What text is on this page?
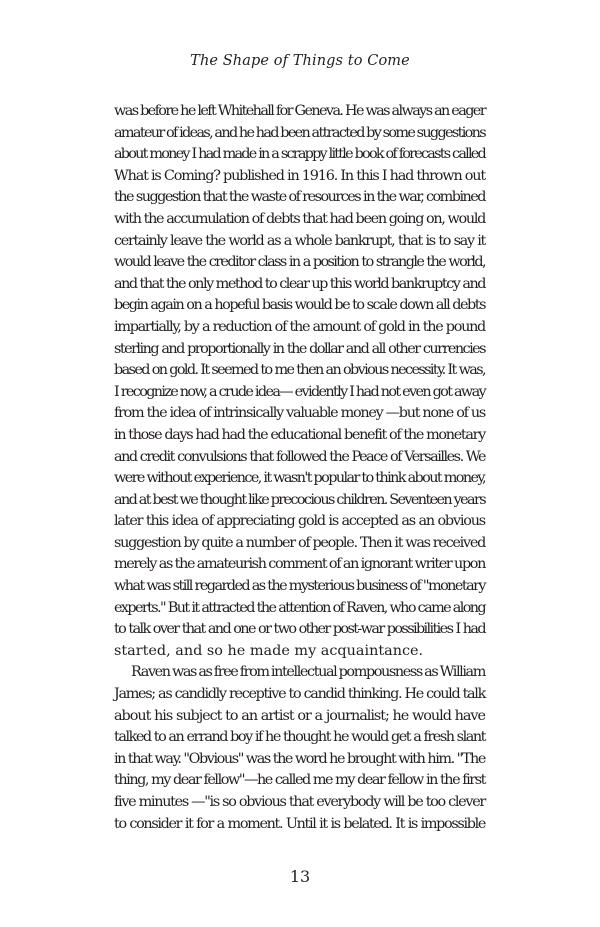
The Shape of Things to Come
was before he left Whitehall for Geneva. He was always an eager
amateur of ideas, and he had been attracted by some suggestions
about money I had made in a scrappy little book of forecasts called
What is Coming? published in 1916. In this I had thrown out
the suggestion that the waste of resources in the war, combined
with the accumulation of debts that had been going on, would
certainly leave the world as a whole bankrupt, that is to say it
would leave the creditor class in a position to strangle the world,
and that the only method to clear up this world bankruptcy and
begin again on a hopeful basis would be to scale down all debts
impartially, by a reduction of the amount of gold in the pound
sterling and proportionally in the dollar and all other currencies
based on gold. It seemed to me then an obvious necessity. It was,
I recognize now, a crude idea— evidently I had not even got away
from the idea of intrinsically valuable money —but none of us
in those days had had the educational benefit of the monetary
and credit convulsions that followed the Peace of Versailles. We
were without experience, it wasn't popular to think about money,
and at best we thought like precocious children. Seventeen years
later this idea of appreciating gold is accepted as an obvious
suggestion by quite a number of people. Then it was received
merely as the amateurish comment of an ignorant writer upon
what was still regarded as the mysterious business of "monetary
experts." But it attracted the attention of Raven, who came along
to talk over that and one or two other post-war possibilities I had
started, and so he made my acquaintance.
Raven was as free from intellectual pompousness as William
James; as candidly receptive to candid thinking. He could talk
about his subject to an artist or a journalist; he would have
talked to an errand boy if he thought he would get a fresh slant
in that way. "Obvious" was the word he brought with him. "The
thing, my dear fellow"—he called me my dear fellow in the first
five minutes —"is so obvious that everybody will be too clever
to consider it for a moment. Until it is belated. It is impossible
13
